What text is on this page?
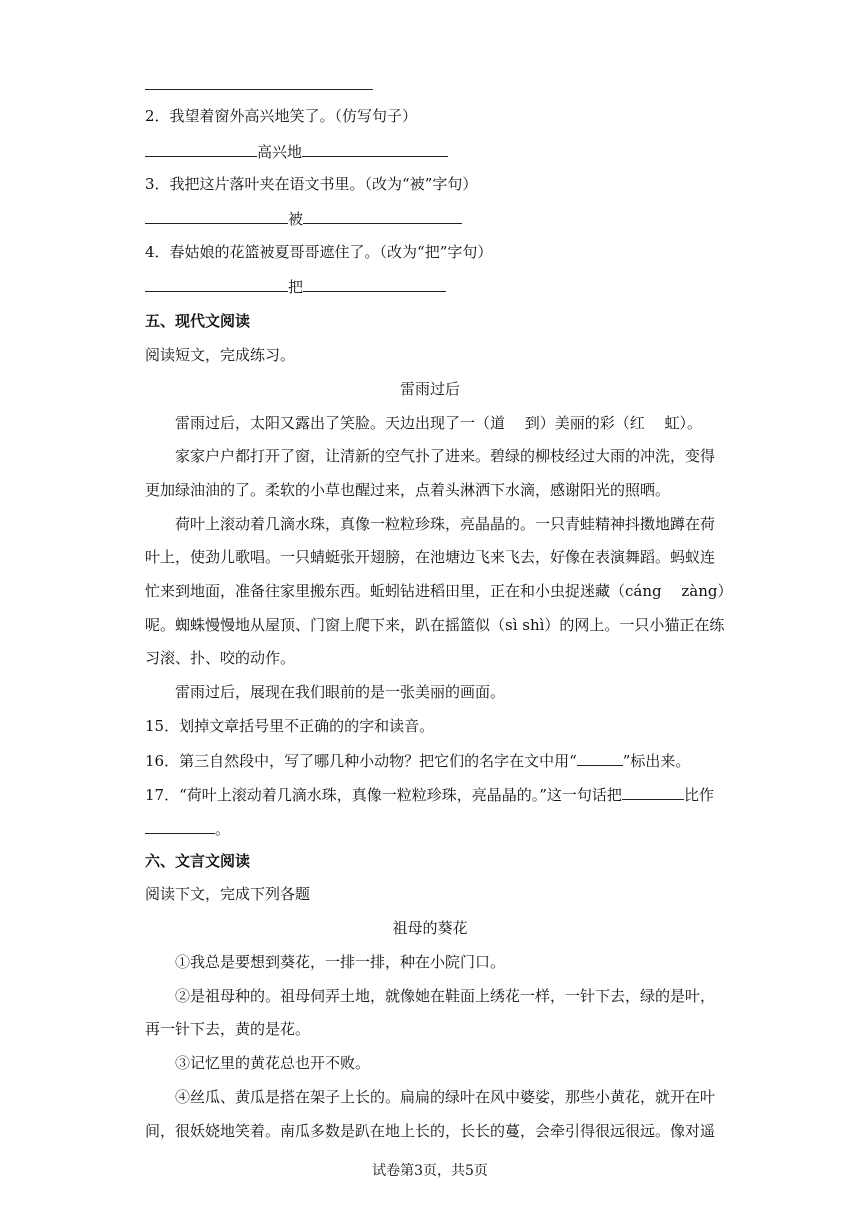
2．我望着窗外高兴地笑了。（仿写句子）
高兴地
3．我把这片落叶夹在语文书里。（改为“被”字句）
被
4．春姑娘的花篮被夏哥哥遮住了。（改为“把”字句）
把
五、现代文阅读
阅读短文，完成练习。
雷雨过后
雷雨过后，太阳又露出了笑脸。天边出现了一（道　 到）美丽的彩（红　 虹）。
家家户户都打开了窗，让清新的空气扑了进来。碧绿的柳枝经过大雨的冲洗，变得
更加绿油油的了。柔软的小草也醒过来，点着头淋洒下水滴，感谢阳光的照晒。
荷叶上滚动着几滴水珠，真像一粒粒珍珠，亮晶晶的。一只青蛙精神抖擞地蹲在荷
叶上，使劲儿歌唱。一只蜻蜓张开翅膀，在池塘边飞来飞去，好像在表演舞蹈。蚂蚁连
忙来到地面，准备往家里搬东西。蚯蚓钻进稻田里，正在和小虫捉迷藏（cáng　 zàng）
呢。蜘蛛慢慢地从屋顶、门窗上爬下来，趴在摇篮似（sì shì）的网上。一只小猫正在练
习滚、扑、咬的动作。
雷雨过后，展现在我们眼前的是一张美丽的画面。
15．划掉文章括号里不正确的的字和读音。
16．第三自然段中，写了哪几种小动物？把它们的名字在文中用“	”标出来。
17．“荷叶上滚动着几滴水珠，真像一粒粒珍珠，亮晶晶的。”这一句话把	比作
。
六、文言文阅读
阅读下文，完成下列各题
祖母的葵花
①我总是要想到葵花，一排一排，种在小院门口。
②是祖母种的。祖母伺弄土地，就像她在鞋面上绣花一样，一针下去，绿的是叶，
再一针下去，黄的是花。
③记忆里的黄花总也开不败。
④丝瓜、黄瓜是搭在架子上长的。扁扁的绿叶在风中婆娑，那些小黄花，就开在叶
间，很妖娆地笑着。南瓜多数是趴在地上长的，长长的蔓，会牵引得很远很远。像对遥
试卷第3页，共5页
